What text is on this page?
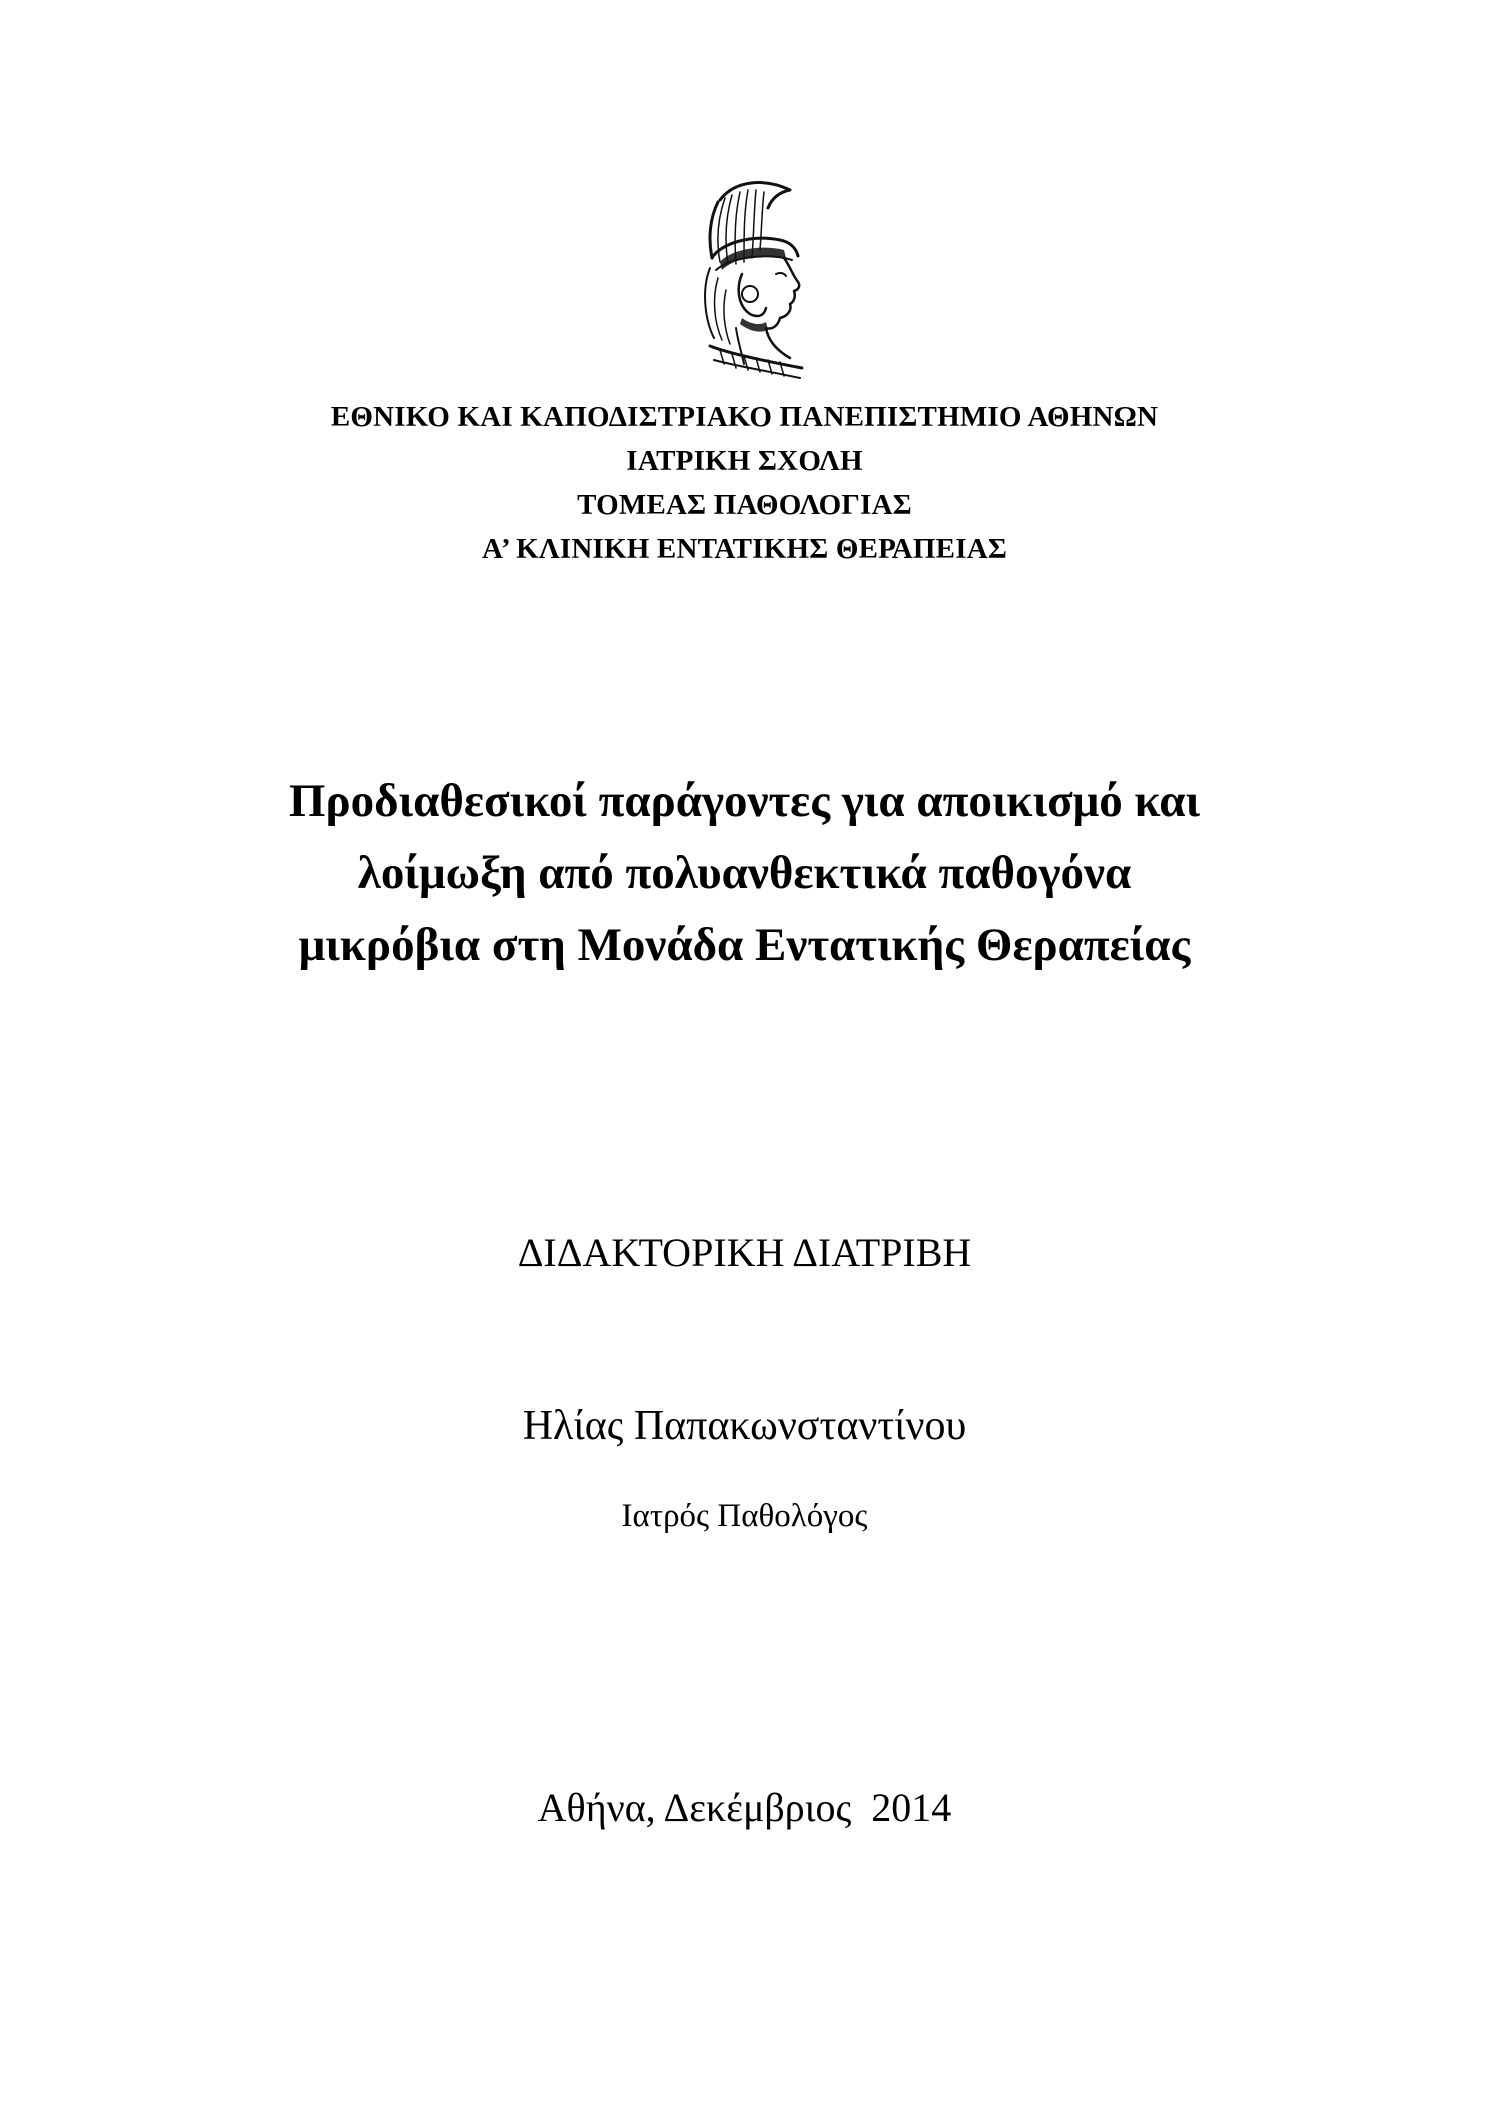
ΕΘΝΙΚΟ ΚΑΙ ΚΑΠΟΔΙΣΤΡΙΑΚΟ ΠΑΝΕΠΙΣΤΗΜΙΟ ΑΘΗΝΩΝ
ΙΑΤΡΙΚΗ ΣΧΟΛΗ
ΤΟΜΕΑΣ ΠΑΘΟΛΟΓΙΑΣ
Α’ ΚΛΙΝΙΚΗ ΕΝΤΑΤΙΚΗΣ ΘΕΡΑΠΕΙΑΣ
Προδιαθεσικοί παράγοντες για αποικισμό και
λοίμωξη από πολυανθεκτικά παθογόνα
μικρόβια στη Μονάδα Εντατικής Θεραπείας
ΔΙΔΑΚΤΟΡΙΚΗ ΔΙΑΤΡΙΒΗ
Ηλίας Παπακωνσταντίνου
Ιατρός Παθολόγος
Αθήνα, Δεκέμβριος  2014
